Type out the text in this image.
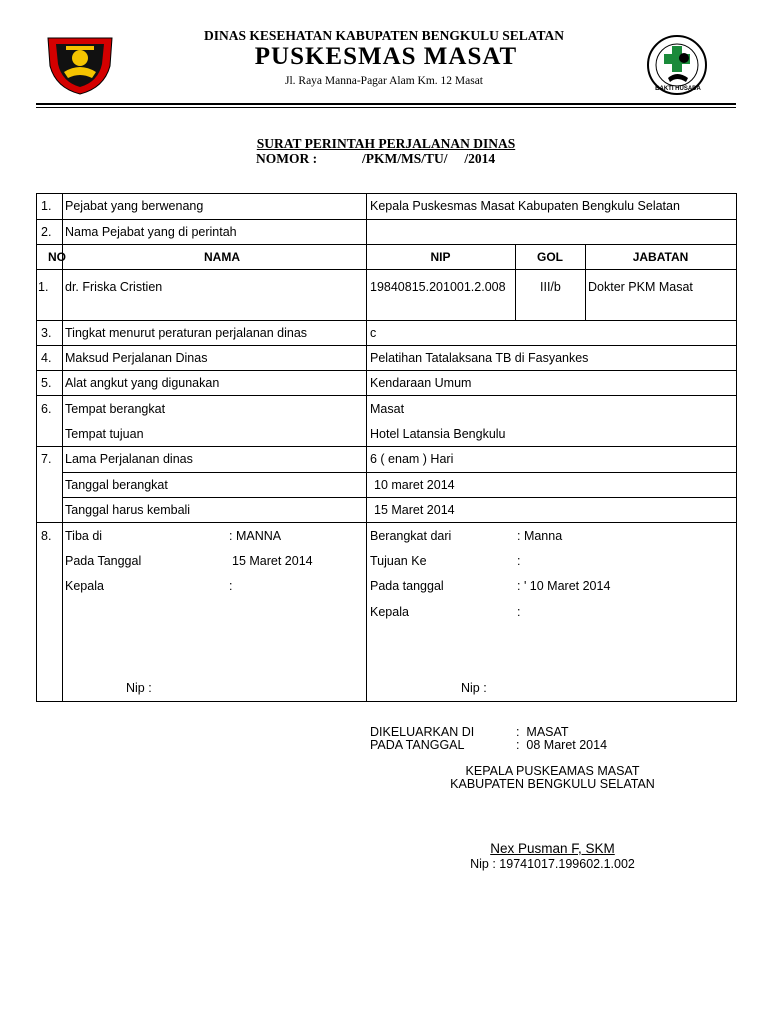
DINAS KESEHATAN KABUPATEN BENGKULU SELATAN
PUSKESMAS MASAT
Jl. Raya Manna-Pagar Alam Km. 12 Masat
BAKTI HUSADA
SURAT PERINTAH PERJALANAN DINAS
NOMOR :	/PKM/MS/TU/     /2014
1. Pejabat yang berwenang	Kepala Puskesmas Masat Kabupaten Bengkulu Selatan
2. Nama Pejabat yang di perintah
NO	NAMA	NIP	GOL	JABATAN
1. dr. Friska Cristien	19840815.201001.2.008	III/b Dokter PKM Masat
3. Tingkat menurut peraturan perjalanan dinas	c
4. Maksud Perjalanan Dinas	Pelatihan Tatalaksana TB di Fasyankes
5. Alat angkut yang digunakan	Kendaraan Umum
6. Tempat berangkat	Masat
Tempat tujuan	Hotel Latansia Bengkulu
7. Lama Perjalanan dinas	6 ( enam ) Hari
Tanggal berangkat	10 maret 2014
Tanggal harus kembali	15 Maret 2014
8. Tiba di	: MANNA
Pada Tanggal	15 Maret 2014
Kepala	:
Nip :
Berangkat dari	: Manna
Tujuan Ke	:
Pada tanggal	: ' 10 Maret 2014
Kepala	:
Nip :
DIKELUARKAN DI	:  MASAT
PADA TANGGAL	:  08 Maret 2014
KEPALA PUSKEAMAS MASAT
KABUPATEN BENGKULU SELATAN
Nex Pusman F, SKM
Nip : 19741017.199602.1.002
